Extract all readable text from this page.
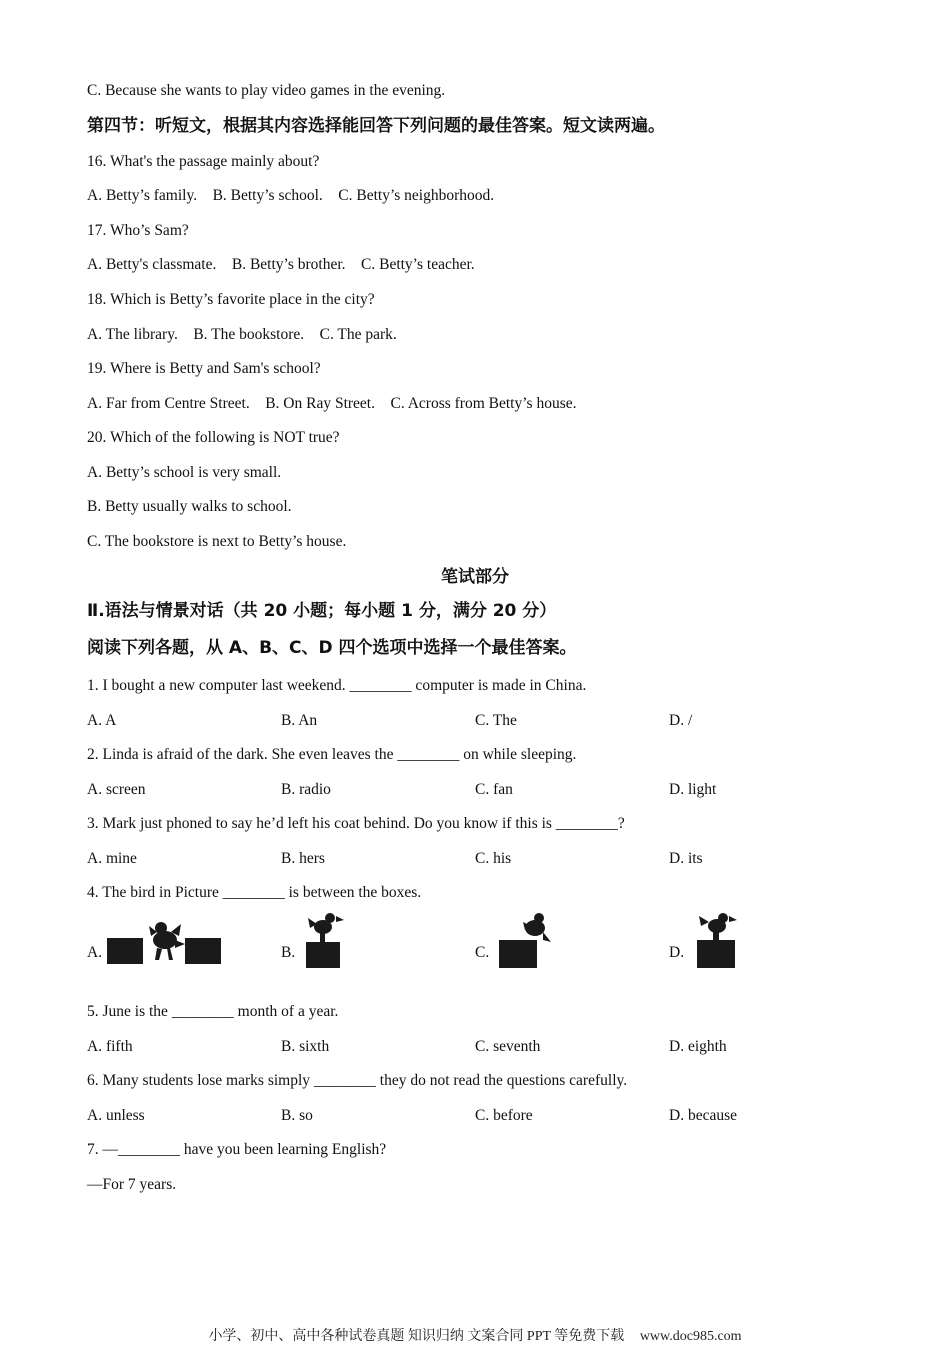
C. Because she wants to play video games in the evening.
第四节：听短文，根据其内容选择能回答下列问题的最佳答案。短文读两遍。
16. What's the passage mainly about?
A. Betty’s family.    B. Betty’s school.    C. Betty’s neighborhood.
17. Who’s Sam?
A. Betty's classmate.    B. Betty’s brother.    C. Betty’s teacher.
18. Which is Betty’s favorite place in the city?
A. The library.    B. The bookstore.    C. The park.
19. Where is Betty and Sam's school?
A. Far from Centre Street.    B. On Ray Street.    C. Across from Betty’s house.
20. Which of the following is NOT true?
A. Betty’s school is very small.
B. Betty usually walks to school.
C. The bookstore is next to Betty’s house.
笔试部分
Ⅱ.语法与情景对话（共 20 小题；每小题 1 分，满分 20 分）
阅读下列各题，从 A、B、C、D 四个选项中选择一个最佳答案。
1. I bought a new computer last weekend. ________ computer is made in China.
A. A	B. An	C. The	D. /
2. Linda is afraid of the dark. She even leaves the ________ on while sleeping.
A. screen	B. radio	C. fan	D. light
3. Mark just phoned to say he’d left his coat behind. Do you know if this is ________?
A. mine	B. hers	C. his	D. its
4. The bird in Picture ________ is between the boxes.
A.	B.	C.	D.
5. June is the ________ month of a year.
A. fifth	B. sixth	C. seventh	D. eighth
6. Many students lose marks simply ________ they do not read the questions carefully.
A. unless	B. so	C. before	D. because
7. —________ have you been learning English?
—For 7 years.
小学、初中、高中各种试卷真题 知识归纳 文案合同 PPT 等免费下载 www.doc985.com
